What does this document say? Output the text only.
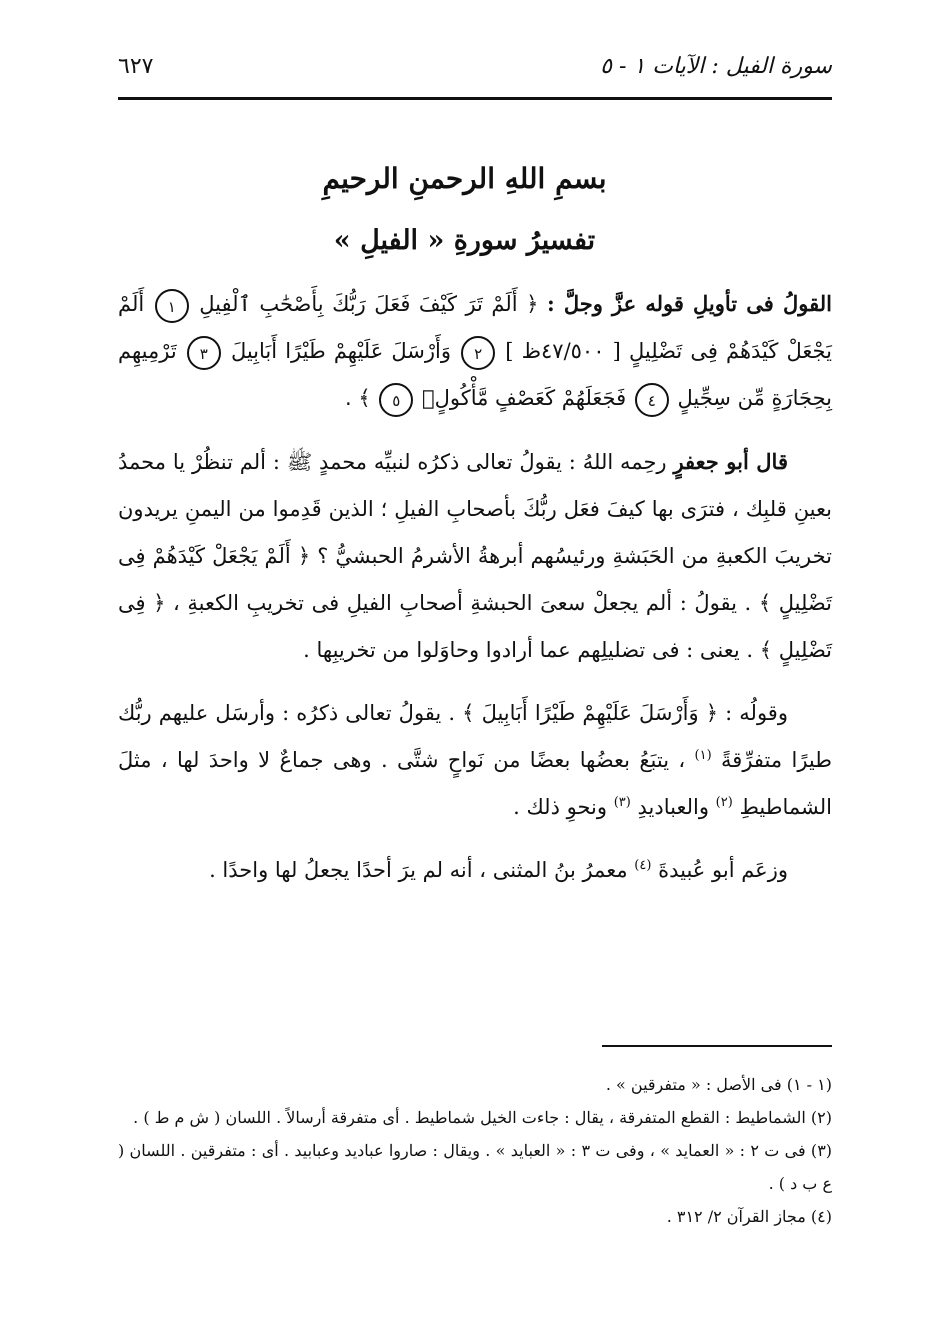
سورة الفيل : الآيات ١ - ٥
٦٢٧
بسمِ اللهِ الرحمنِ الرحيمِ
تفسيرُ سورةِ « الفيلِ »

القولُ فى تأويلِ قوله عزَّ وجلَّ : ﴿ أَلَمْ تَرَ كَيْفَ فَعَلَ رَبُّكَ بِأَصْحَٰبِ ٱلْفِيلِ ١ أَلَمْ يَجْعَلْ كَيْدَهُمْ فِى تَضْلِيلٍ [ ٤٧/٥٠٠ظ ] ٢ وَأَرْسَلَ عَلَيْهِمْ طَيْرًا أَبَابِيلَ ٣ تَرْمِيهِم بِحِجَارَةٍ مِّن سِجِّيلٍ ٤ فَجَعَلَهُمْ كَعَصْفٍ مَّأْكُولٍۭ ٥ ﴾ .

قال أبو جعفرٍ رحِمه اللهُ : يقولُ تعالى ذكرُه لنبيِّه محمدٍ ﷺ : ألم تنظُرْ يا محمدُ بعينِ قلبِك ، فترَى بها كيفَ فعَل ربُّكَ بأصحابِ الفيلِ ؛ الذين قَدِموا من اليمنِ يريدون تخريبَ الكعبةِ من الحَبَشةِ ورئيسُهم أبرهةُ الأشرمُ الحبشيُّ ؟ ﴿ أَلَمْ يَجْعَلْ كَيْدَهُمْ فِى تَضْلِيلٍ ﴾ . يقولُ : ألم يجعلْ سعىَ الحبشةِ أصحابِ الفيلِ فى تخريبِ الكعبةِ ، ﴿ فِى تَضْلِيلٍ ﴾ . يعنى : فى تضليلِهم عما أرادوا وحاوَلوا من تخريبِها .

وقولُه : ﴿ وَأَرْسَلَ عَلَيْهِمْ طَيْرًا أَبَابِيلَ ﴾ . يقولُ تعالى ذكرُه : وأرسَل عليهم ربُّك طيرًا متفرِّقةً $^{(١)}$ ، يتبَعُ بعضُها بعضًا من نَواحٍ شتَّى . وهى جماعٌ لا واحدَ لها ، مثلَ الشماطيطِ $^{(٢)}$ والعباديدِ $^{(٣)}$ ونحوِ ذلك .

وزعَم أبو عُبيدةَ $^{(٤)}$ معمرُ بنُ المثنى ، أنه لم يرَ أحدًا يجعلُ لها واحدًا .

(١ - ١) فى الأصل : « متفرقين » .

(٢) الشماطيط : القطع المتفرقة ، يقال : جاءت الخيل شماطيط . أى متفرقة أرسالاً . اللسان ( ش م ط ) .

(٣) فى ت ٢ : « العمايد » ، وفى ت ٣ : « العبايد » . ويقال : صاروا عباديد وعبابيد . أى : متفرقين . اللسان ( ع ب د ) .

(٤) مجاز القرآن ٢/ ٣١٢ .
